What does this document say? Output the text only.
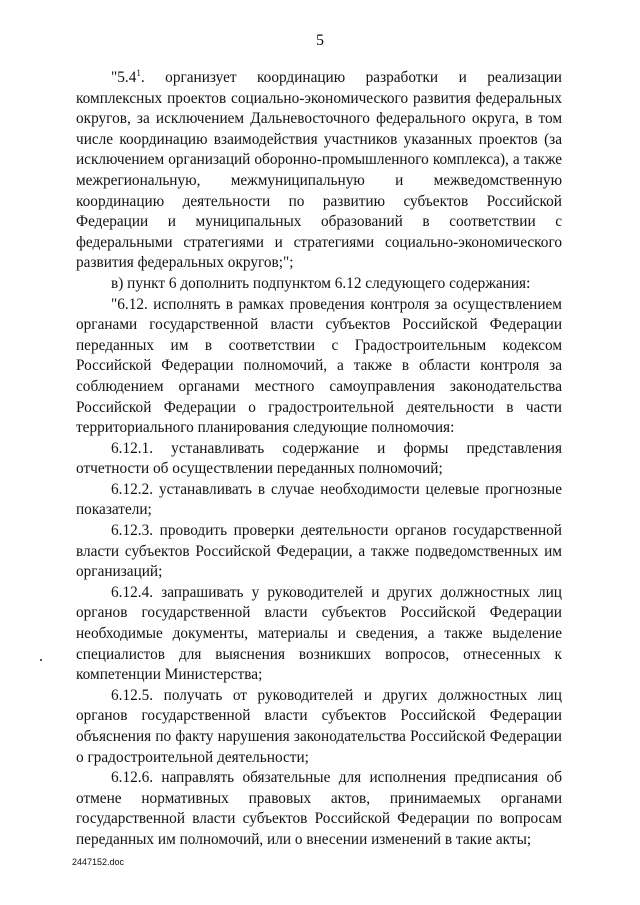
5

"$5.4^1$. организует координацию разработки и реализации комплексных проектов социально-экономического развития федеральных округов, за исключением Дальневосточного федерального округа, в том числе координацию взаимодействия участников указанных проектов (за исключением организаций оборонно-промышленного комплекса), а также межрегиональную, межмуниципальную и межведомственную координацию деятельности по развитию субъектов Российской Федерации и муниципальных образований в соответствии с федеральными стратегиями и стратегиями социально-экономического развития федеральных округов;";

в) пункт 6 дополнить подпунктом 6.12 следующего содержания:

"6.12. исполнять в рамках проведения контроля за осуществлением органами государственной власти субъектов Российской Федерации переданных им в соответствии с Градостроительным кодексом Российской Федерации полномочий, а также в области контроля за соблюдением органами местного самоуправления законодательства Российской Федерации о градостроительной деятельности в части территориального планирования следующие полномочия:

6.12.1. устанавливать содержание и формы представления отчетности об осуществлении переданных полномочий;

6.12.2. устанавливать в случае необходимости целевые прогнозные показатели;

6.12.3. проводить проверки деятельности органов государственной власти субъектов Российской Федерации, а также подведомственных им организаций;

6.12.4. запрашивать у руководителей и других должностных лиц органов государственной власти субъектов Российской Федерации необходимые документы, материалы и сведения, а также выделение специалистов для выяснения возникших вопросов, отнесенных к компетенции Министерства;

6.12.5. получать от руководителей и других должностных лиц органов государственной власти субъектов Российской Федерации объяснения по факту нарушения законодательства Российской Федерации о градостроительной деятельности;

6.12.6. направлять обязательные для исполнения предписания об отмене нормативных правовых актов, принимаемых органами государственной власти субъектов Российской Федерации по вопросам переданных им полномочий, или о внесении изменений в такие акты;

2447152.doc
